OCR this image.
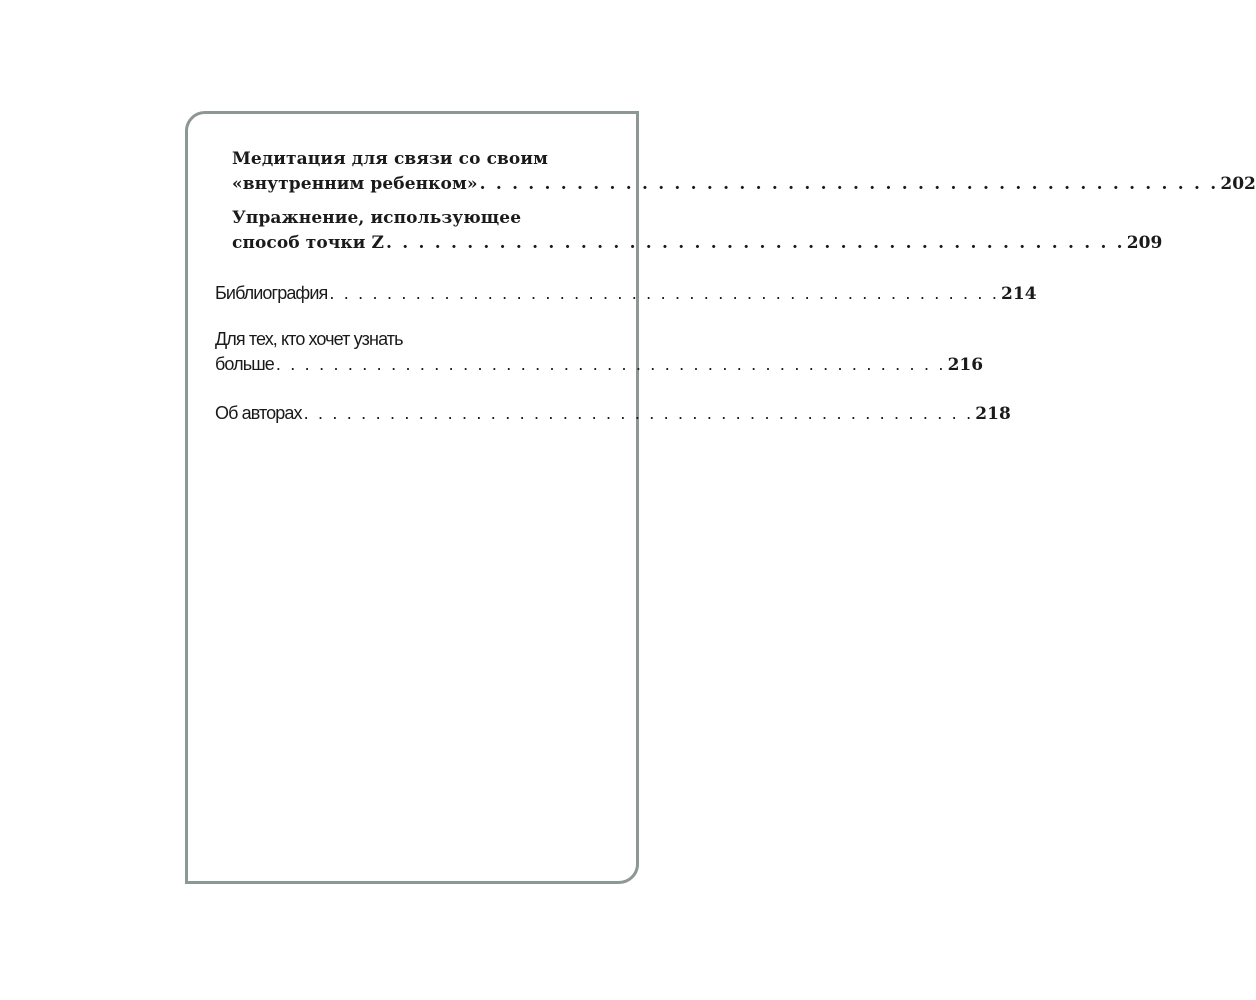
Медитация для связи со своим
«внутренним ребенком» . . . . . . . . . . . . . . . . . . . . . . . . . . . . . . . . . . . . . . . . . . . . . . 202
Упражнение, использующее
способ точки Z . . . . . . . . . . . . . . . . . . . . . . . . . . . . . . . . . . . . . . . . . . . . . . 209
Библиография . . . . . . . . . . . . . . . . . . . . . . . . . . . . . . . . . . . . . . . . . . . . . . . 214
Для тех, кто хочет узнать
больше . . . . . . . . . . . . . . . . . . . . . . . . . . . . . . . . . . . . . . . . . . . . . . . 216
Об авторах . . . . . . . . . . . . . . . . . . . . . . . . . . . . . . . . . . . . . . . . . . . . . . . 218
